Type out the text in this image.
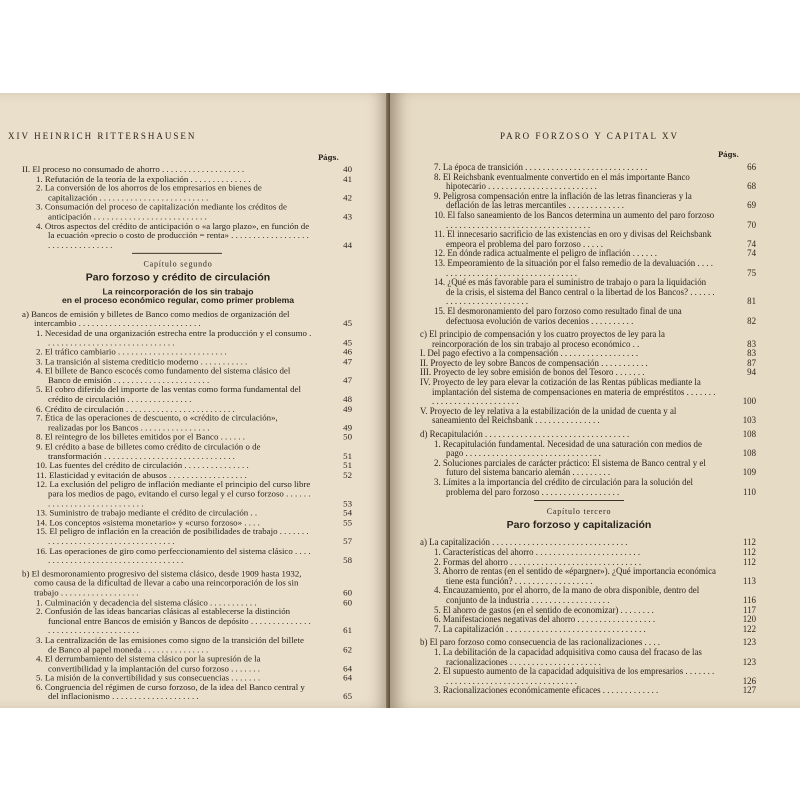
XIV HEINRICH RITTERSHAUSEN
Págs.
II. El proceso no consumado de ahorro . . . . . . . . . . . . . . . . . . .	40
1. Refutación de la teoría de la expoliación . . . . . . . . . . . . . .	41
2. La conversión de los ahorros de los empresarios en bienes de capitalización . . . . . . . . . . . . . . . . . . . . . . . . .	42
3. Consumación del proceso de capitalización mediante los créditos de anticipación . . . . . . . . . . . . . . . . . . . . . . . . . .	43
4. Otros aspectos del crédito de anticipación o «a largo plazo», en función de la ecuación «precio o costo de producción = renta» . . . . . . . . . . . . . . . . . . . . . . . . . . . . . . . . .	44
Capítulo segundo
Paro forzoso y crédito de circulación
La reincorporación de los sin trabajo
en el proceso económico regular, como primer problema
a) Bancos de emisión y billetes de Banco como medios de organización del intercambio . . . . . . . . . . . . . . . . . . . . . . . . . . . .	45
1. Necesidad de una organización estrecha entre la producción y el consumo . . . . . . . . . . . . . . . . . . . . . . . . . . . . . .	45
2. El tráfico cambiario . . . . . . . . . . . . . . . . . . . . . . . . .	46
3. La transición al sistema crediticio moderno . . . . . . . . . . .	47
4. El billete de Banco escocés como fundamento del sistema clásico del Banco de emisión . . . . . . . . . . . . . . . . . . . . . .	47
5. El cobro diferido del importe de las ventas como forma fundamental del crédito de circulación . . . . . . . . . . . . . . .	48
6. Crédito de circulación . . . . . . . . . . . . . . . . . . . . . . . . .	49
7. Ética de las operaciones de descuento, o «crédito de circulación», realizadas por los Bancos . . . . . . . . . . . . . . . .	49
8. El reintegro de los billetes emitidos por el Banco . . . . . .	50
9. El crédito a base de billetes como crédito de circulación o de transformación . . . . . . . . . . . . . . . . . . . . . . . . . . . . . .	51
10. Las fuentes del crédito de circulación . . . . . . . . . . . . . . .	51
11. Elasticidad y evitación de abusos . . . . . . . . . . . . . . . . . .	52
12. La exclusión del peligro de inflación mediante el principio del curso libre para los medios de pago, evitando el curso legal y el curso forzoso . . . . . . . . . . . . . . . . . . . . . . . . . . . .	53
13. Suministro de trabajo mediante el crédito de circulación . .	54
14. Los conceptos «sistema monetario» y «curso forzoso» . . . .	55
15. El peligro de inflación en la creación de posibilidades de trabajo . . . . . . . . . . . . . . . . . . . . . . . . . . . . . . . . . . . .	57
16. Las operaciones de giro como perfeccionamiento del sistema clásico . . . . . . . . . . . . . . . . . . . . . . . . . . . . . . . . . . .	58
b) El desmoronamiento progresivo del sistema clásico, desde 1909 hasta 1932, como causa de la dificultad de llevar a cabo una reincorporación de los sin trabajo . . . . . . . . . . . . . . . . . .	60
1. Culminación y decadencia del sistema clásico . . . . . . . . . . .	60
2. Confusión de las ideas bancarias clásicas al establecerse la distinción funcional entre Bancos de emisión y Bancos de depósito . . . . . . . . . . . . . . . . . . . . . . . . . . . . . . . . . . .	61
3. La centralización de las emisiones como signo de la transición del billete de Banco al papel moneda . . . . . . . . . . . . . . .	62
4. El derrumbamiento del sistema clásico por la supresión de la convertibilidad y la implantación del curso forzoso . . . . . . .	64
5. La misión de la convertibilidad y sus consecuencias . . . . . . .	64
6. Congruencia del régimen de curso forzoso, de la idea del Banco central y del inflacionismo . . . . . . . . . . . . . . . . . . . .	65
PARO FORZOSO Y CAPITAL XV
Págs.
7. La época de transición . . . . . . . . . . . . . . . . . . . . . . . . . . . .	66
8. El Reichsbank eventualmente convertido en el más importante Banco hipotecario . . . . . . . . . . . . . . . . . . . . . . . . .	68
9. Peligrosa compensación entre la inflación de las letras financieras y la deflación de las letras mercantiles . . . . . . . . . . . . .	69
10. El falso saneamiento de los Bancos determina un aumento del paro forzoso . . . . . . . . . . . . . . . . . . . . . . . . . . . . . . . . .	70
11. El innecesario sacrificio de las existencias en oro y divisas del Reichsbank empeora el problema del paro forzoso . . . . .	74
12. En dónde radica actualmente el peligro de inflación . . . . . .	74
13. Empeoramiento de la situación por el falso remedio de la devaluación . . . . . . . . . . . . . . . . . . . . . . . . . . . . . . . . . .	75
14. ¿Qué es más favorable para el suministro de trabajo o para la liquidación de la crisis, el sistema del Banco central o la libertad de los Bancos? . . . . . . . . . . . . . . . . . . . . . . . . .	81
15. El desmoronamiento del paro forzoso como resultado final de una defectuosa evolución de varios decenios . . . . . . . . . .	82
c) El principio de compensación y los cuatro proyectos de ley para la reincorporación de los sin trabajo al proceso económico . .	83
I. Del pago efectivo a la compensación . . . . . . . . . . . . . . . . . .	83
II. Proyecto de ley sobre Bancos de compensación . . . . . . . . . . .	87
III. Proyecto de ley sobre emisión de bonos del Tesoro . . . . . . .	94
IV. Proyecto de ley para elevar la cotización de las Rentas públicas mediante la implantación del sistema de compensaciones en materia de empréstitos . . . . . . . . . . . . . . . . . . . . . . . . . . .	100
V. Proyecto de ley relativa a la estabilización de la unidad de cuenta y al saneamiento del Reichsbank . . . . . . . . . . . . . . .	103
d) Recapitulación . . . . . . . . . . . . . . . . . . . . . . . . . . . . . . . . .	108
1. Recapitulación fundamental. Necesidad de una saturación con medios de pago . . . . . . . . . . . . . . . . . . . . . . . . . . . . . . .	108
2. Soluciones parciales de carácter práctico: El sistema de Banco central y el futuro del sistema bancario alemán . . . . . . . . .	109
3. Límites a la importancia del crédito de circulación para la solución del problema del paro forzoso . . . . . . . . . . . . . . . . . .	110
Capítulo tercero
Paro forzoso y capitalización
a) La capitalización . . . . . . . . . . . . . . . . . . . . . . . . . . . . . . .	112
1. Características del ahorro . . . . . . . . . . . . . . . . . . . . . . . .	112
2. Formas del ahorro . . . . . . . . . . . . . . . . . . . . . . . . . . . . . .	112
3. Ahorro de rentas (en el sentido de «épargner»). ¿Qué importancia económica tiene esta función? . . . . . . . . . . . . . . . . . .	113
4. Encauzamiento, por el ahorro, de la mano de obra disponible, dentro del conjunto de la industria . . . . . . . . . . . . . . . . . .	116
5. El ahorro de gastos (en el sentido de economizar) . . . . . . . .	117
6. Manifestaciones negativas del ahorro . . . . . . . . . . . . . . . . . .	120
7. La capitalización . . . . . . . . . . . . . . . . . . . . . . . . . . . . . . . .	122
b) El paro forzoso como consecuencia de las racionalizaciones . . . .	123
1. La debilitación de la capacidad adquisitiva como causa del fracaso de las racionalizaciones . . . . . . . . . . . . . . . . . . . . .	123
2. El supuesto aumento de la capacidad adquisitiva de los empresarios . . . . . . . . . . . . . . . . . . . . . . . . . . . . . . . . . . . . .	126
3. Racionalizaciones económicamente eficaces . . . . . . . . . . . . .	127
